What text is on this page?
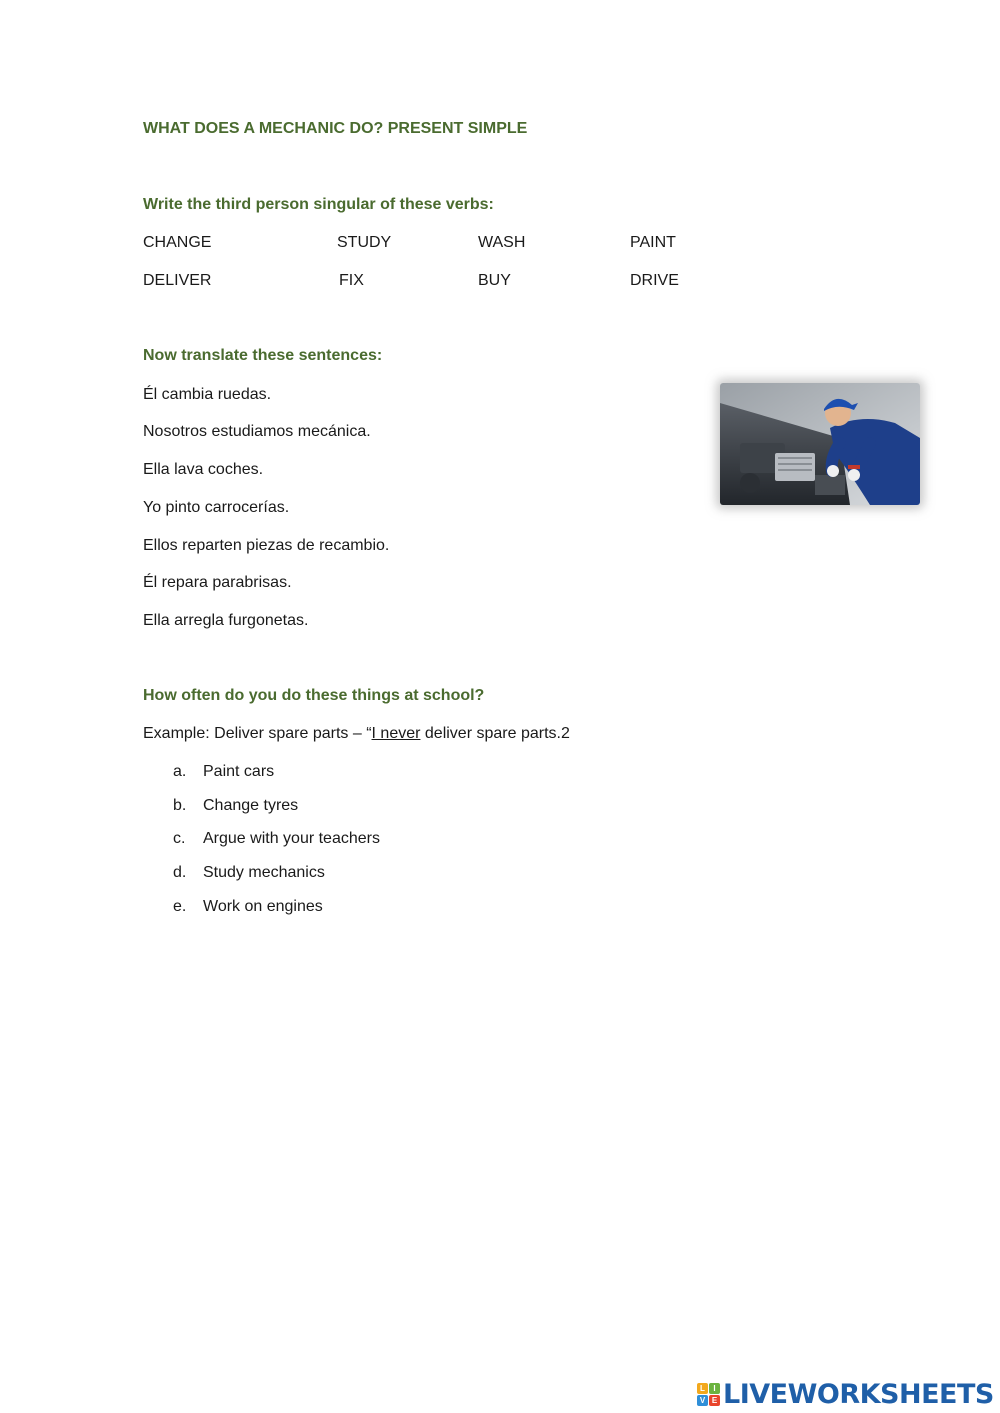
WHAT DOES A MECHANIC DO? PRESENT SIMPLE
Write the third person singular of these verbs:
CHANGE	STUDY	WASH	PAINT
DELIVER	FIX	BUY	DRIVE
Now translate these sentences:
Él cambia ruedas.
Nosotros estudiamos mecánica.
Ella lava coches.
Yo pinto carrocerías.
Ellos reparten piezas de recambio.
Él repara parabrisas.
Ella arregla furgonetas.
How often do you do these things at school?
Example: Deliver spare parts – “I never deliver spare parts.2
a. Paint cars
b. Change tyres
c. Argue with your teachers
d. Study mechanics
e. Work on engines
L	I
V E LIVEWORKSHEETS
